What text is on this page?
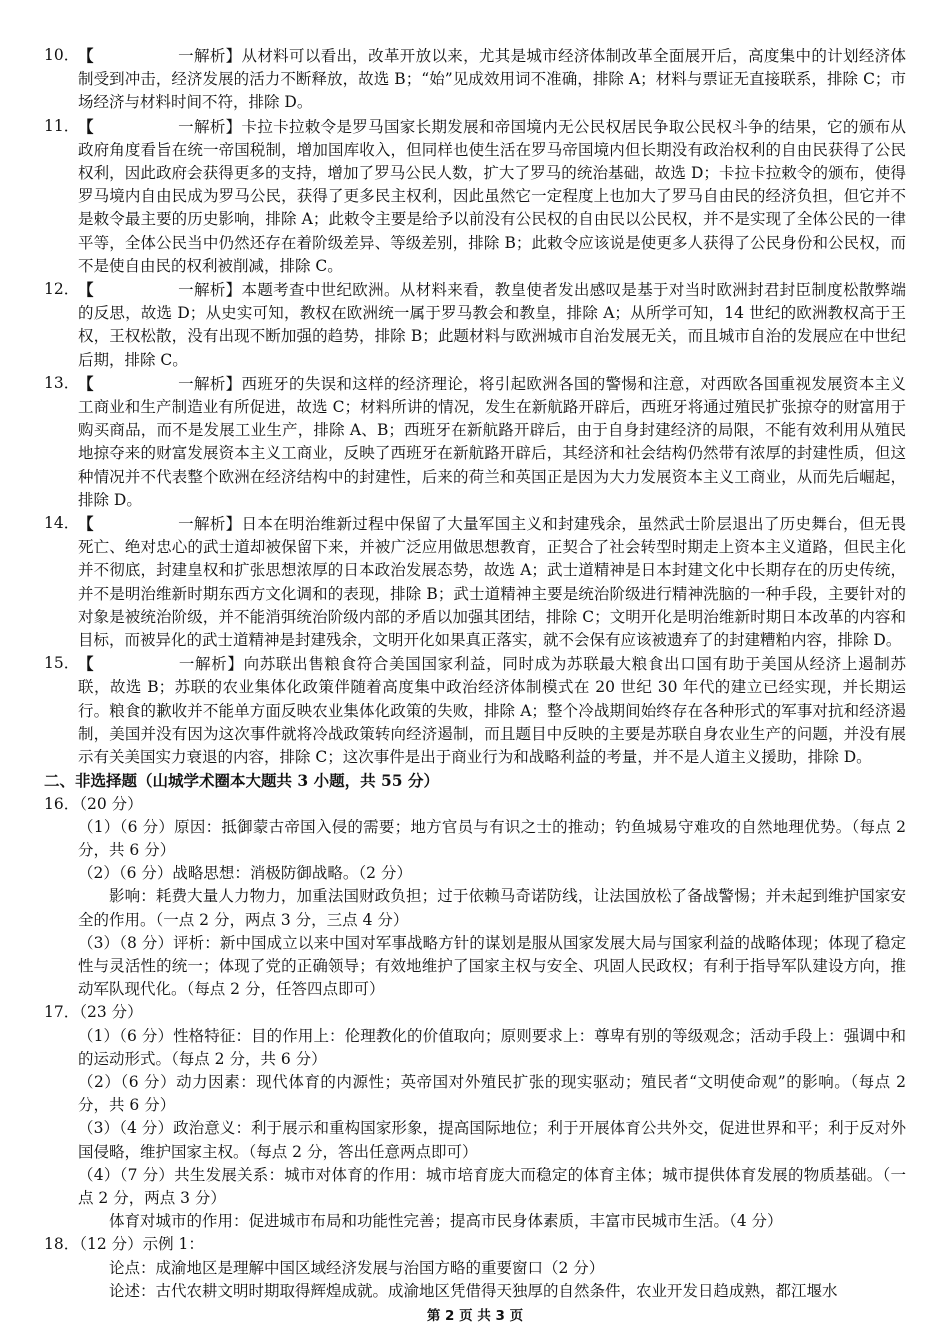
10．
【	一解析】从材料可以看出，改革开放以来，尤其是城市经济体制改革全面展开后，高度集中的计划经济体制受到冲击，经济发展的活力不断释放，故选 B；“始”见成效用词不准确，排除 A；材料与票证无直接联系，排除 C；市场经济与材料时间不符，排除 D。
11．
【	一解析】卡拉卡拉敕令是罗马国家长期发展和帝国境内无公民权居民争取公民权斗争的结果，它的颁布从政府角度看旨在统一帝国税制，增加国库收入，但同样也使生活在罗马帝国境内但长期没有政治权利的自由民获得了公民权利，因此政府会获得更多的支持，增加了罗马公民人数，扩大了罗马的统治基础，故选 D；卡拉卡拉敕令的颁布，使得罗马境内自由民成为罗马公民，获得了更多民主权利，因此虽然它一定程度上也加大了罗马自由民的经济负担，但它并不是敕令最主要的历史影响，排除 A；此敕令主要是给予以前没有公民权的自由民以公民权，并不是实现了全体公民的一律平等，全体公民当中仍然还存在着阶级差异、等级差别，排除 B；此敕令应该说是使更多人获得了公民身份和公民权，而不是使自由民的权利被削减，排除 C。
12．
【	一解析】本题考查中世纪欧洲。从材料来看，教皇使者发出感叹是基于对当时欧洲封君封臣制度松散弊端的反思，故选 D；从史实可知，教权在欧洲统一属于罗马教会和教皇，排除 A；从所学可知，14 世纪的欧洲教权高于王权，王权松散，没有出现不断加强的趋势，排除 B；此题材料与欧洲城市自治发展无关，而且城市自治的发展应在中世纪后期，排除 C。
13．
【	一解析】西班牙的失误和这样的经济理论，将引起欧洲各国的警惕和注意，对西欧各国重视发展资本主义工商业和生产制造业有所促进，故选 C；材料所讲的情况，发生在新航路开辟后，西班牙将通过殖民扩张掠夺的财富用于购买商品，而不是发展工业生产，排除 A、B；西班牙在新航路开辟后，由于自身封建经济的局限，不能有效利用从殖民地掠夺来的财富发展资本主义工商业，反映了西班牙在新航路开辟后，其经济和社会结构仍然带有浓厚的封建性质，但这种情况并不代表整个欧洲在经济结构中的封建性，后来的荷兰和英国正是因为大力发展资本主义工商业，从而先后崛起，排除 D。
14．
【	一解析】日本在明治维新过程中保留了大量军国主义和封建残余，虽然武士阶层退出了历史舞台，但无畏死亡、绝对忠心的武士道却被保留下来，并被广泛应用做思想教育，正契合了社会转型时期走上资本主义道路，但民主化并不彻底，封建皇权和扩张思想浓厚的日本政治发展态势，故选 A；武士道精神是日本封建文化中长期存在的历史传统，并不是明治维新时期东西方文化调和的表现，排除 B；武士道精神主要是统治阶级进行精神洗脑的一种手段，主要针对的对象是被统治阶级，并不能消弭统治阶级内部的矛盾以加强其团结，排除 C；文明开化是明治维新时期日本改革的内容和目标，而被异化的武士道精神是封建残余，文明开化如果真正落实，就不会保有应该被遗弃了的封建糟粕内容，排除 D。
15．
【	一解析】向苏联出售粮食符合美国国家利益，同时成为苏联最大粮食出口国有助于美国从经济上遏制苏联，故选 B；苏联的农业集体化政策伴随着高度集中政治经济体制模式在 20 世纪 30 年代的建立已经实现，并长期运行。粮食的歉收并不能单方面反映农业集体化政策的失败，排除 A；整个冷战期间始终存在各种形式的军事对抗和经济遏制，美国并没有因为这次事件就将冷战政策转向经济遏制，而且题目中反映的主要是苏联自身农业生产的问题，并没有展示有关美国实力衰退的内容，排除 C；这次事件是出于商业行为和战略利益的考量，并不是人道主义援助，排除 D。
二、非选择题（山城学术圈本大题共 3 小题，共 55 分）
16．（20 分）
（1）（6 分）原因：抵御蒙古帝国入侵的需要；地方官员与有识之士的推动；钓鱼城易守难攻的自然地理优势。（每点 2 分，共 6 分）
（2）（6 分）战略思想：消极防御战略。（2 分）
影响：耗费大量人力物力，加重法国财政负担；过于依赖马奇诺防线，让法国放松了备战警惕；并未起到维护国家安全的作用。（一点 2 分，两点 3 分，三点 4 分）
（3）（8 分）评析：新中国成立以来中国对军事战略方针的谋划是服从国家发展大局与国家利益的战略体现；体现了稳定性与灵活性的统一；体现了党的正确领导；有效地维护了国家主权与安全、巩固人民政权；有利于指导军队建设方向，推动军队现代化。（每点 2 分，任答四点即可）
17．（23 分）
（1）（6 分）性格特征：目的作用上：伦理教化的价值取向；原则要求上：尊卑有别的等级观念；活动手段上：强调中和的运动形式。（每点 2 分，共 6 分）
（2）（6 分）动力因素：现代体育的内源性；英帝国对外殖民扩张的现实驱动；殖民者“文明使命观”的影响。（每点 2 分，共 6 分）
（3）（4 分）政治意义：利于展示和重构国家形象，提高国际地位；利于开展体育公共外交，促进世界和平；利于反对外国侵略，维护国家主权。（每点 2 分，答出任意两点即可）
（4）（7 分）共生发展关系：城市对体育的作用：城市培育庞大而稳定的体育主体；城市提供体育发展的物质基础。（一点 2 分，两点 3 分）
体育对城市的作用：促进城市布局和功能性完善；提高市民身体素质，丰富市民城市生活。（4 分）
18．（12 分）示例 1：
论点：成渝地区是理解中国区域经济发展与治国方略的重要窗口（2 分）
论述：古代农耕文明时期取得辉煌成就。成渝地区凭借得天独厚的自然条件，农业开发日趋成熟，都江堰水
第 2 页 共 3 页
